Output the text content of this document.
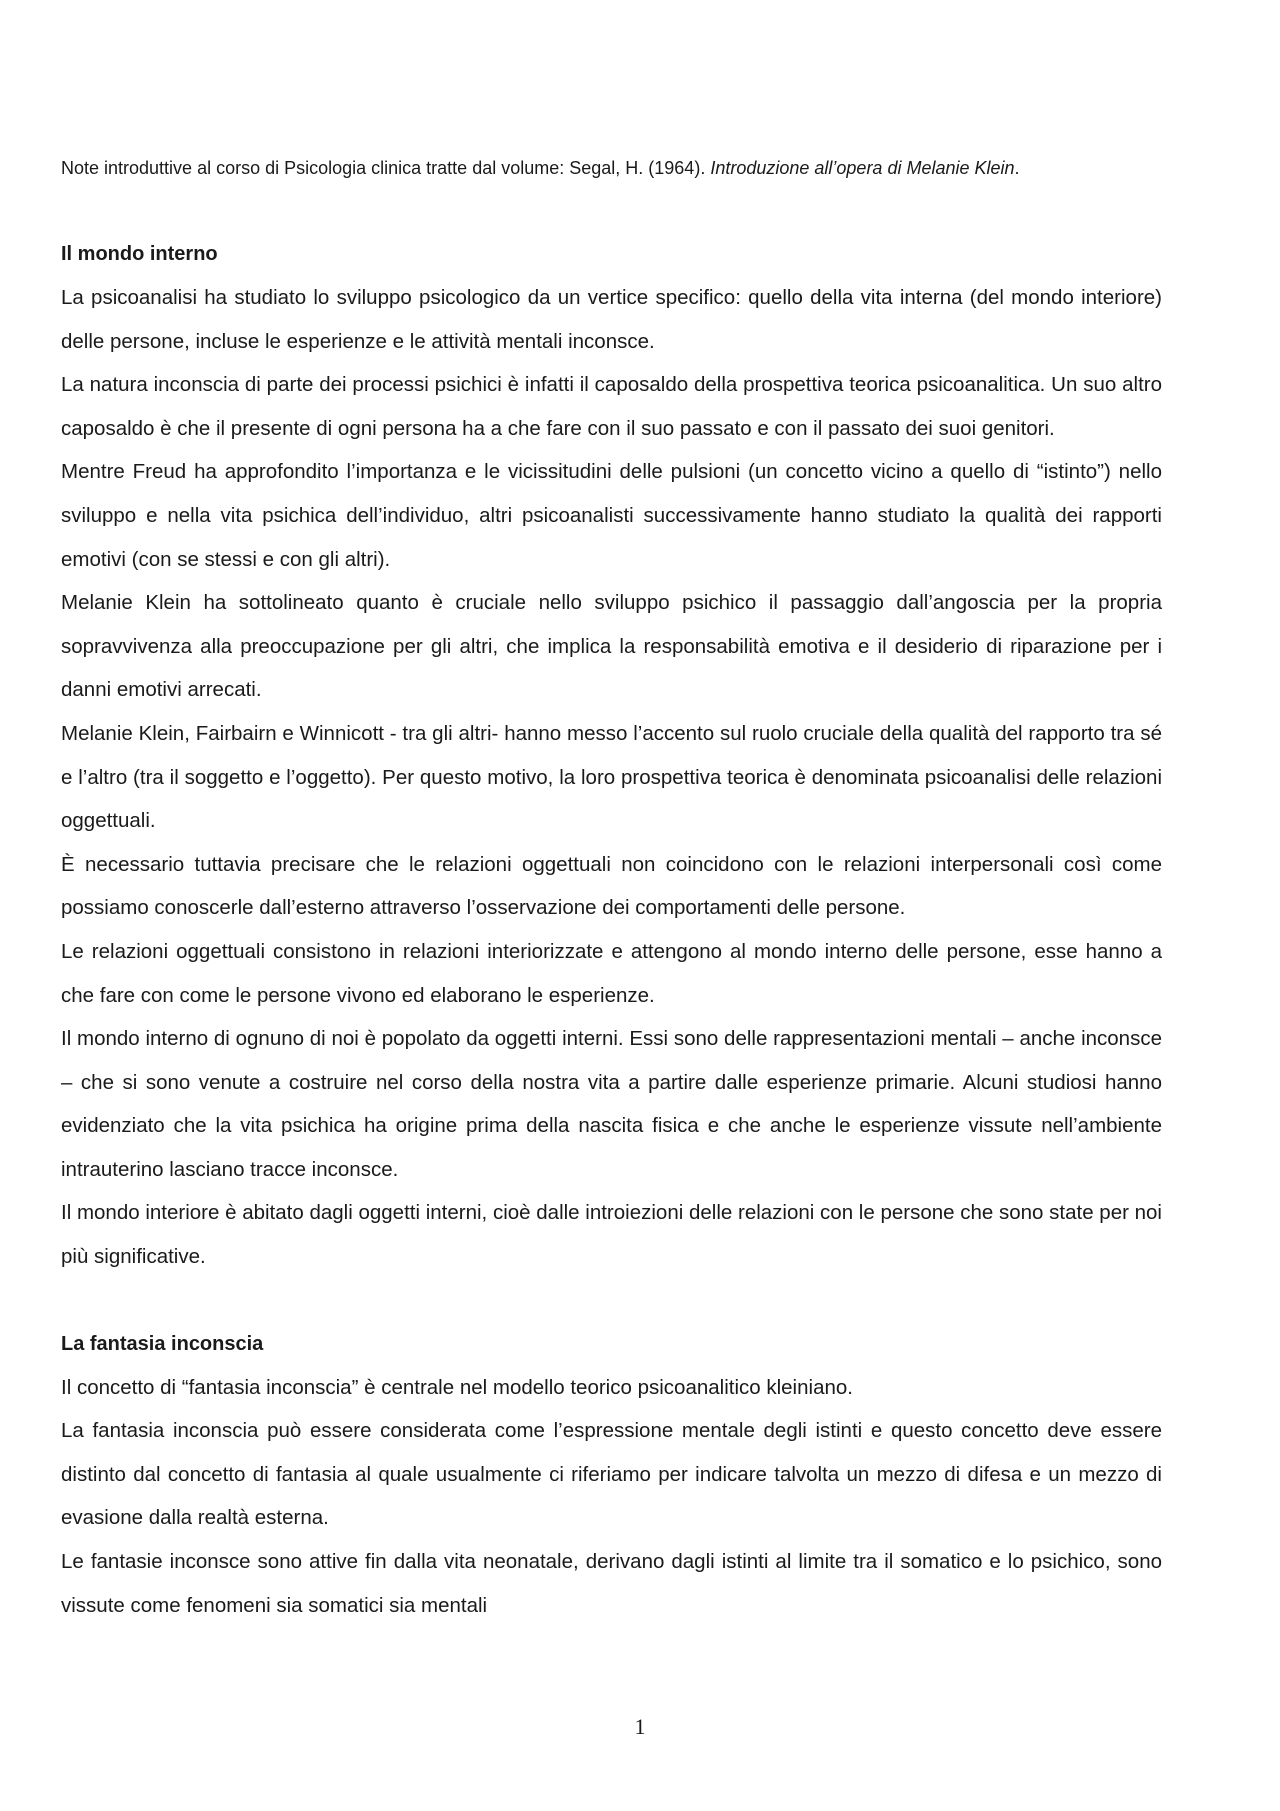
Note introduttive al corso di Psicologia clinica tratte dal volume: Segal, H. (1964). Introduzione all’opera di Melanie Klein.

Il mondo interno

La psicoanalisi ha studiato lo sviluppo psicologico da un vertice specifico: quello della vita interna (del mondo interiore) delle persone, incluse le esperienze e le attività mentali inconsce.

La natura inconscia di parte dei processi psichici è infatti il caposaldo della prospettiva teorica psicoanalitica. Un suo altro caposaldo è che il presente di ogni persona ha a che fare con il suo passato e con il passato dei suoi genitori.

Mentre Freud ha approfondito l’importanza e le vicissitudini delle pulsioni (un concetto vicino a quello di “istinto”) nello sviluppo e nella vita psichica dell’individuo, altri psicoanalisti successivamente hanno studiato la qualità dei rapporti emotivi (con se stessi e con gli altri).

Melanie Klein ha sottolineato quanto è cruciale nello sviluppo psichico il passaggio dall’angoscia per la propria sopravvivenza alla preoccupazione per gli altri, che implica la responsabilità emotiva e il desiderio di riparazione per i danni emotivi arrecati.

Melanie Klein, Fairbairn e Winnicott - tra gli altri- hanno messo l’accento sul ruolo cruciale della qualità del rapporto tra sé e l’altro (tra il soggetto e l’oggetto). Per questo motivo, la loro prospettiva teorica è denominata psicoanalisi delle relazioni oggettuali.

È necessario tuttavia precisare che le relazioni oggettuali non coincidono con le relazioni interpersonali così come possiamo conoscerle dall’esterno attraverso l’osservazione dei comportamenti delle persone.

Le relazioni oggettuali consistono in relazioni interiorizzate e attengono al mondo interno delle persone, esse hanno a che fare con come le persone vivono ed elaborano le esperienze.

Il mondo interno di ognuno di noi è popolato da oggetti interni. Essi sono delle rappresentazioni mentali – anche inconsce – che si sono venute a costruire nel corso della nostra vita a partire dalle esperienze primarie. Alcuni studiosi hanno evidenziato che la vita psichica ha origine prima della nascita fisica e che anche le esperienze vissute nell’ambiente intrauterino lasciano tracce inconsce.

Il mondo interiore è abitato dagli oggetti interni, cioè dalle introiezioni delle relazioni con le persone che sono state per noi più significative.

La fantasia inconscia

Il concetto di “fantasia inconscia” è centrale nel modello teorico psicoanalitico kleiniano.

La fantasia inconscia può essere considerata come l’espressione mentale degli istinti e questo concetto deve essere distinto dal concetto di fantasia al quale usualmente ci riferiamo per indicare talvolta un mezzo di difesa e un mezzo di evasione dalla realtà esterna.

Le fantasie inconsce sono attive fin dalla vita neonatale, derivano dagli istinti al limite tra il somatico e lo psichico, sono vissute come fenomeni sia somatici sia mentali

1
